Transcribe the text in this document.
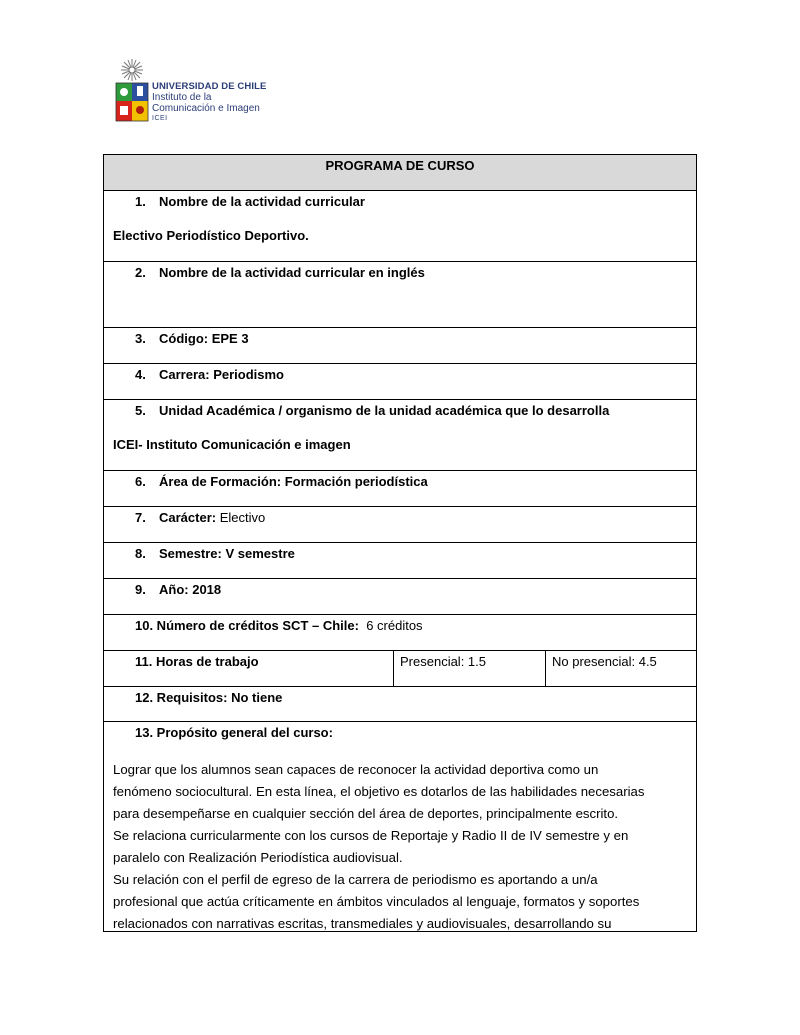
UNIVERSIDAD DE CHILE
Instituto de la
Comunicación e Imagen
ICEI
PROGRAMA DE CURSO
1. Nombre de la actividad curricular
Electivo Periodístico Deportivo.
2. Nombre de la actividad curricular en inglés
3. Código: EPE 3
4. Carrera: Periodismo
5. Unidad Académica / organismo de la unidad académica que lo desarrolla
ICEI- Instituto Comunicación e imagen
6. Área de Formación: Formación periodística
7. Carácter: Electivo
8. Semestre: V semestre
9. Año: 2018
10. Número de créditos SCT – Chile: 6 créditos
11. Horas de trabajo	Presencial: 1.5	No presencial: 4.5
12. Requisitos: No tiene
13. Propósito general del curso:

Lograr que los alumnos sean capaces de reconocer la actividad deportiva como un

fenómeno sociocultural. En esta línea, el objetivo es dotarlos de las habilidades necesarias

para desempeñarse en cualquier sección del área de deportes, principalmente escrito.

Se relaciona curricularmente con los cursos de Reportaje y Radio II de IV semestre y en

paralelo con Realización Periodística audiovisual.

Su relación con el perfil de egreso de la carrera de periodismo es aportando a un/a

profesional que actúa críticamente en ámbitos vinculados al lenguaje, formatos y soportes

relacionados con narrativas escritas, transmediales y audiovisuales, desarrollando su
